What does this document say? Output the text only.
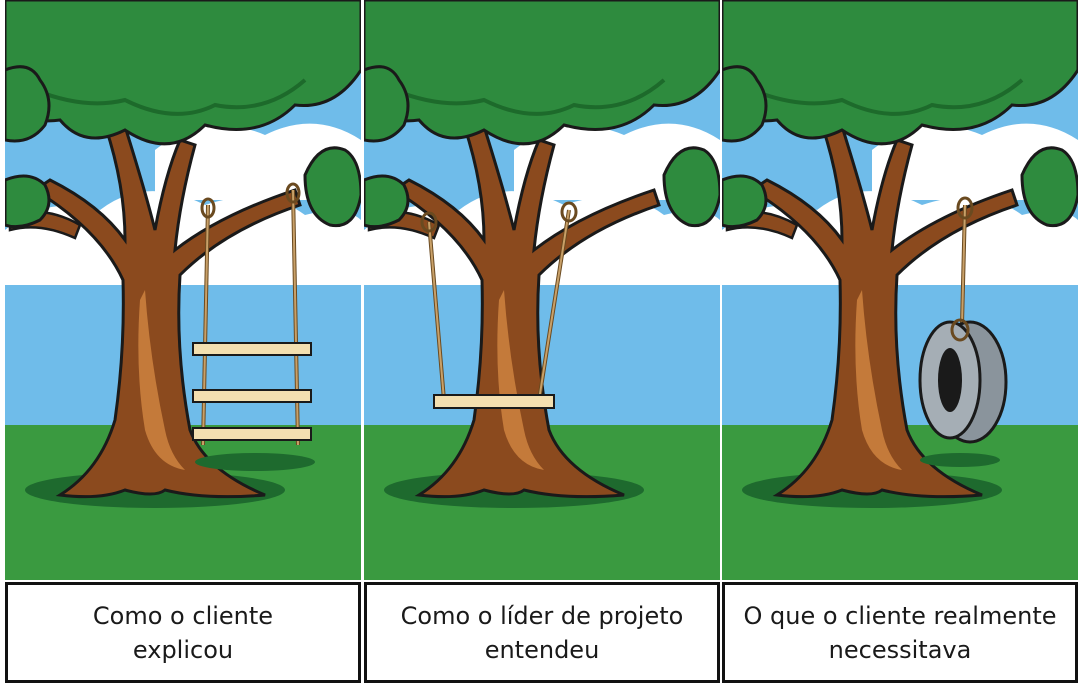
Como o cliente
explicou
Como o líder de projeto
entendeu
O que o cliente realmente
necessitava
